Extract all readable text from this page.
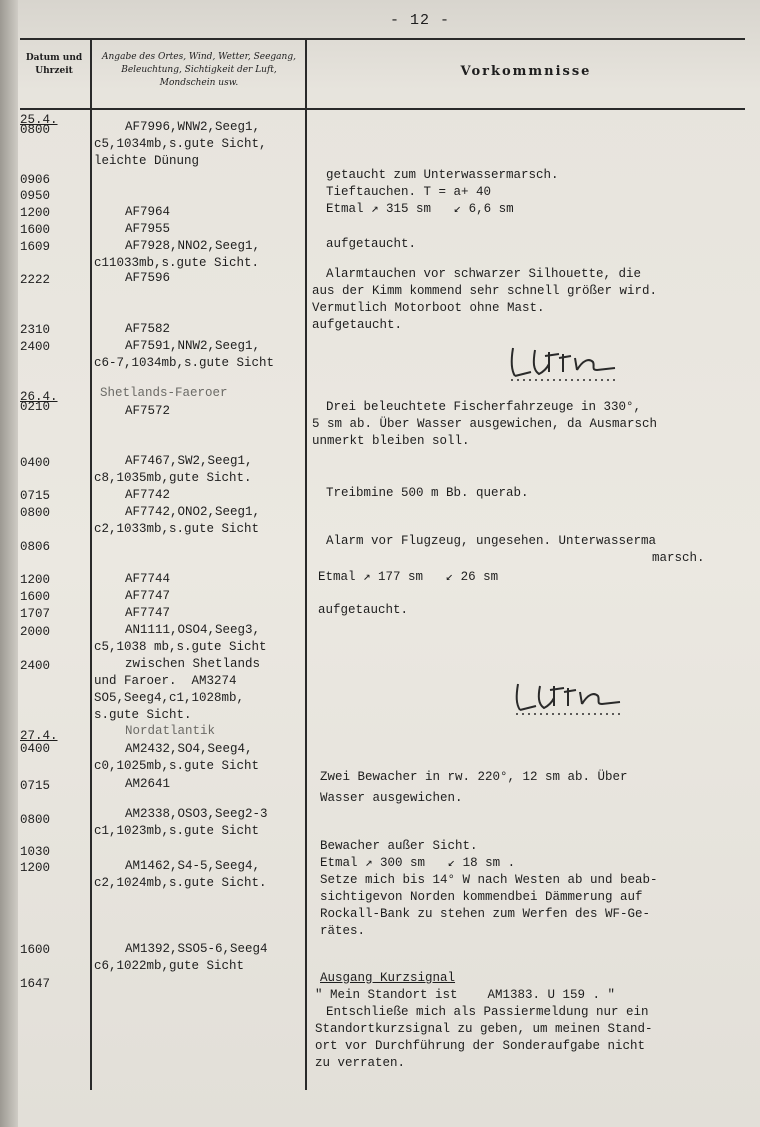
- 12 -
Datum und Uhrzeit
Angabe des Ortes, Wind, Wetter, Seegang, Beleuchtung, Sichtigkeit der Luft, Mondschein usw.
Vorkommnisse
25.4.
26.4.
27.4.
0800
0906
0950
1200
1600
1609
2222
2310
2400
0210
0400
0715
0800
0806
1200
1600
1707
2000
2400
0400
0715
0800
1030
1200
1600
1647
AF7996,WNW2,Seeg1,
c5,1034mb,s.gute Sicht,
leichte Dünung
AF7964
AF7955
AF7928,NNO2,Seeg1,
c11033mb,s.gute Sicht.
AF7596
AF7582
AF7591,NNW2,Seeg1,
c6-7,1034mb,s.gute Sicht
Shetlands-Faeroer
AF7572
AF7467,SW2,Seeg1,
c8,1035mb,gute Sicht.
AF7742
AF7742,ONO2,Seeg1,
c2,1033mb,s.gute Sicht
AF7744
AF7747
AF7747
AN1111,OSO4,Seeg3,
c5,1038 mb,s.gute Sicht
zwischen Shetlands
und Faroer.  AM3274
SO5,Seeg4,c1,1028mb,
s.gute Sicht.
Nordatlantik
AM2432,SO4,Seeg4,
c0,1025mb,s.gute Sicht
AM2641
AM2338,OSO3,Seeg2-3
c1,1023mb,s.gute Sicht
AM1462,S4-5,Seeg4,
c2,1024mb,s.gute Sicht.
AM1392,SSO5-6,Seeg4
c6,1022mb,gute Sicht
getaucht zum Unterwassermarsch.
Tieftauchen. T = a+ 40
Etmal ↗ 315 sm   ↙ 6,6 sm
aufgetaucht.
Alarmtauchen vor schwarzer Silhouette, die
aus der Kimm kommend sehr schnell größer wird.
Vermutlich Motorboot ohne Mast.
aufgetaucht.
Drei beleuchtete Fischerfahrzeuge in 330°,
5 sm ab. Über Wasser ausgewichen, da Ausmarsch
unmerkt bleiben soll.
Treibmine 500 m Bb. querab.
Alarm vor Flugzeug, ungesehen. Unterwasserma
marsch.
Etmal ↗ 177 sm   ↙ 26 sm
aufgetaucht.
Zwei Bewacher in rw. 220°, 12 sm ab. Über
Wasser ausgewichen.
Bewacher außer Sicht.
Etmal ↗ 300 sm   ↙ 18 sm .
Setze mich bis 14° W nach Westen ab und beab-
sichtigevon Norden kommendbei Dämmerung auf
Rockall-Bank zu stehen zum Werfen des WF-Ge-
rätes.
Ausgang Kurzsignal
" Mein Standort ist    AM1383. U 159 . "
Entschließe mich als Passiermeldung nur ein
Standortkurzsignal zu geben, um meinen Stand-
ort vor Durchführung der Sonderaufgabe nicht
zu verraten.
